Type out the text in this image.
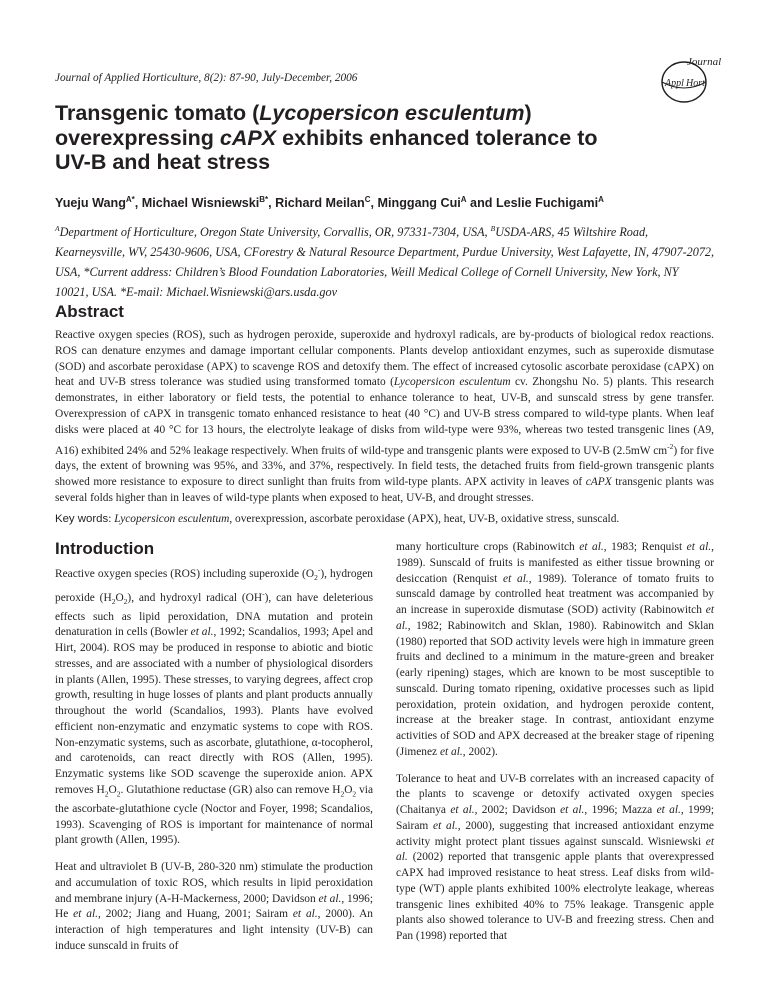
Journal of Applied Horticulture, 8(2): 87-90, July-December, 2006
Journal
Appl Hort
Transgenic tomato (Lycopersicon esculentum)
overexpressing cAPX exhibits enhanced tolerance to
UV-B and heat stress
Yueju Wang$^{A*}$, Michael Wisniewski$^{B*}$, Richard Meilan$^C$, Minggang Cui$^A$ and Leslie Fuchigami$^A$
$^A$Department of Horticulture, Oregon State University, Corvallis, OR, 97331-7304, USA, $^B$USDA-ARS, 45 Wiltshire Road, Kearneysville, WV, 25430-9606, USA, CForestry & Natural Resource Department, Purdue University, West Lafayette, IN, 47907-2072, USA, *Current address: Children’s Blood Foundation Laboratories, Weill Medical College of Cornell University, New York, NY 10021, USA. *E-mail: Michael.Wisniewski@ars.usda.gov
Abstract
Reactive oxygen species (ROS), such as hydrogen peroxide, superoxide and hydroxyl radicals, are by-products of biological redox reactions. ROS can denature enzymes and damage important cellular components. Plants develop antioxidant enzymes, such as superoxide dismutase (SOD) and ascorbate peroxidase (APX) to scavenge ROS and detoxify them. The effect of increased cytosolic ascorbate peroxidase (cAPX) on heat and UV-B stress tolerance was studied using transformed tomato (Lycopersicon esculentum cv. Zhongshu No. 5) plants. This research demonstrates, in either laboratory or field tests, the potential to enhance tolerance to heat, UV-B, and sunscald stress by gene transfer. Overexpression of cAPX in transgenic tomato enhanced resistance to heat (40 °C) and UV-B stress compared to wild-type plants. When leaf disks were placed at 40 °C for 13 hours, the electrolyte leakage of disks from wild-type were 93%, whereas two tested transgenic lines (A9, A16) exhibited 24% and 52% leakage respectively. When fruits of wild-type and transgenic plants were exposed to UV-B (2.5mW $cm^{-2}$) for five days, the extent of browning was 95%, and 33%, and 37%, respectively. In field tests, the detached fruits from field-grown transgenic plants showed more resistance to exposure to direct sunlight than fruits from wild-type plants. APX activity in leaves of cAPX transgenic plants was several folds higher than in leaves of wild-type plants when exposed to heat, UV-B, and drought stresses.
Key words: Lycopersicon esculentum, overexpression, ascorbate peroxidase (APX), heat, UV-B, oxidative stress, sunscald.
Introduction

Reactive oxygen species (ROS) including superoxide $(O_2^-)$, hydrogen peroxide $(H_2O_2)$, and hydroxyl radical (OH-), can have deleterious effects such as lipid peroxidation, DNA mutation and protein denaturation in cells (Bowler et al., 1992; Scandalios, 1993; Apel and Hirt, 2004). ROS may be produced in response to abiotic and biotic stresses, and are associated with a number of physiological disorders in plants (Allen, 1995). These stresses, to varying degrees, affect crop growth, resulting in huge losses of plants and plant products annually throughout the world (Scandalios, 1993). Plants have evolved efficient non-enzymatic and enzymatic systems to cope with ROS. Non-enzymatic systems, such as ascorbate, glutathione, α-tocopherol, and carotenoids, can react directly with ROS (Allen, 1995). Enzymatic systems like SOD scavenge the superoxide anion. APX removes $H_2O_2$. Glutathione reductase (GR) also can remove $H_2O_2$ via the ascorbate-glutathione cycle (Noctor and Foyer, 1998; Scandalios, 1993). Scavenging of ROS is important for maintenance of normal plant growth (Allen, 1995).

Heat and ultraviolet B (UV-B, 280-320 nm) stimulate the production and accumulation of toxic ROS, which results in lipid peroxidation and membrane injury (A-H-Mackerness, 2000; Davidson et al., 1996; He et al., 2002; Jiang and Huang, 2001; Sairam et al., 2000). An interaction of high temperatures and light intensity (UV-B) can induce sunscald in fruits of

many horticulture crops (Rabinowitch et al., 1983; Renquist et al., 1989). Sunscald of fruits is manifested as either tissue browning or desiccation (Renquist et al., 1989). Tolerance of tomato fruits to sunscald damage by controlled heat treatment was accompanied by an increase in superoxide dismutase (SOD) activity (Rabinowitch et al., 1982; Rabinowitch and Sklan, 1980). Rabinowitch and Sklan (1980) reported that SOD activity levels were high in immature green fruits and declined to a minimum in the mature-green and breaker (early ripening) stages, which are known to be most susceptible to sunscald. During tomato ripening, oxidative processes such as lipid peroxidation, protein oxidation, and hydrogen peroxide content, increase at the breaker stage. In contrast, antioxidant enzyme activities of SOD and APX decreased at the breaker stage of ripening (Jimenez et al., 2002).

Tolerance to heat and UV-B correlates with an increased capacity of the plants to scavenge or detoxify activated oxygen species (Chaitanya et al., 2002; Davidson et al., 1996; Mazza et al., 1999; Sairam et al., 2000), suggesting that increased antioxidant enzyme activity might protect plant tissues against sunscald. Wisniewski et al. (2002) reported that transgenic apple plants that overexpressed cAPX had improved resistance to heat stress. Leaf disks from wild-type (WT) apple plants exhibited 100% electrolyte leakage, whereas transgenic lines exhibited 40% to 75% leakage. Transgenic apple plants also showed tolerance to UV-B and freezing stress. Chen and Pan (1998) reported that
